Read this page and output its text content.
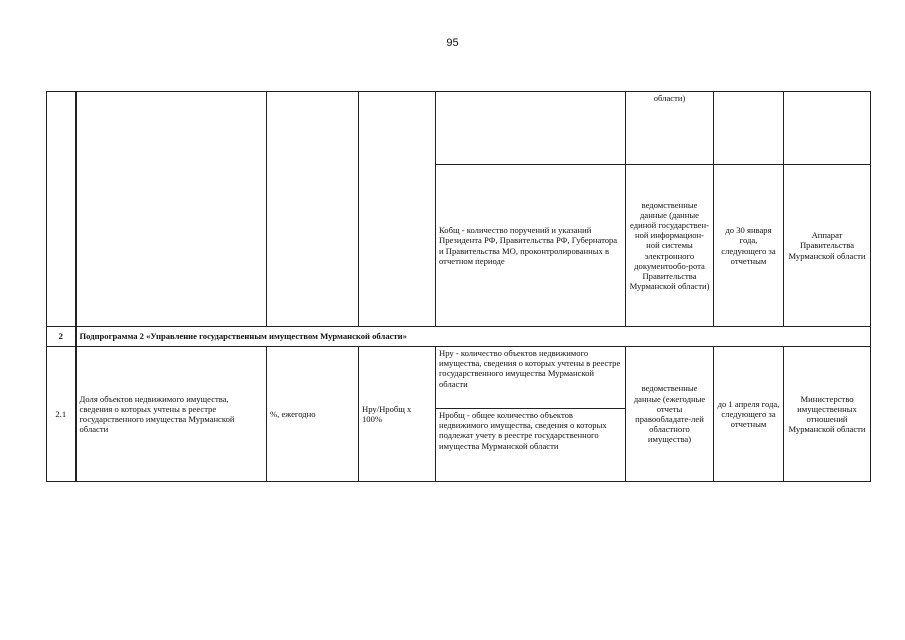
95
					области)		
				Кобщ - количество поручений и указаний Президента РФ, Правительства РФ, Губернатора и Правительства МО, проконтролированных в отчетном периоде	ведомственные данные (данные единой государствен-ной информацион-ной системы электронного документообо-рота Правительства Мурманской области)	до 30 января года, следующего за отчетным	Аппарат Правительства Мурманской области
2	Подпрограмма 2 «Управление государственным имуществом Мурманской области»						
2.1	Доля объектов недвижимого имущества, сведения о которых учтены в реестре государственного имущества Мурманской области	%, ежегодно	Нру/Нробщ х 100%	Нру - количество объектов недвижимого имущества, сведения о которых учтены в реестре государственного имущества Мурманской области	ведомственные данные (ежегодные отчеты правообладате-лей областного имущества)	до 1 апреля года, следующего за отчетным	Министерство имущественных отношений Мурманской области
				Нробщ - общее количество объектов недвижимого имущества, сведения о которых подлежат учету в реестре государственного имущества Мурманской области			
